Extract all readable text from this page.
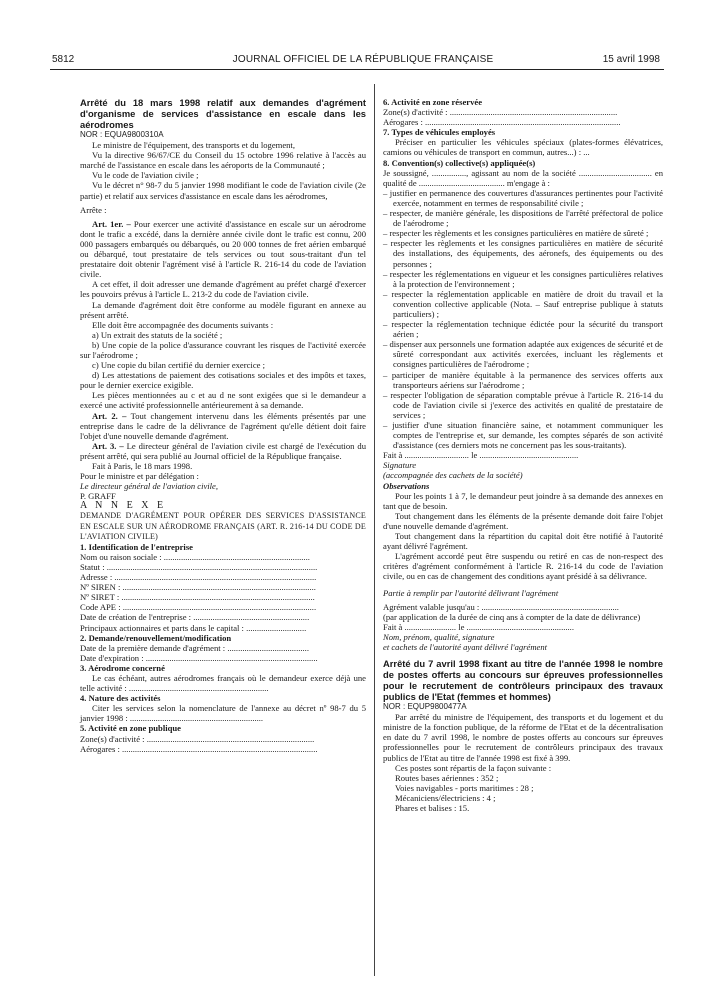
5812	JOURNAL OFFICIEL DE LA RÉPUBLIQUE FRANÇAISE	15 avril 1998

Arrêté du 18 mars 1998 relatif aux demandes d'agrément d'organisme de services d'assistance en escale dans les aérodromes

NOR : EQUA9800310A

Le ministre de l'équipement, des transports et du logement,

Vu la directive 96/67/CE du Conseil du 15 octobre 1996 relative à l'accès au marché de l'assistance en escale dans les aéroports de la Communauté ;

Vu le code de l'aviation civile ;

Vu le décret n° 98-7 du 5 janvier 1998 modifiant le code de l'aviation civile (2e partie) et relatif aux services d'assistance en escale dans les aérodromes,

Arrête :

Art. 1er. – Pour exercer une activité d'assistance en escale sur un aérodrome dont le trafic a excédé, dans la dernière année civile dont le trafic est connu, 200 000 passagers embarqués ou débarqués, ou 20 000 tonnes de fret aérien embarqué ou débarqué, tout prestataire de tels services ou tout sous-traitant d'un tel prestataire doit obtenir l'agrément visé à l'article R. 216-14 du code de l'aviation civile.

A cet effet, il doit adresser une demande d'agrément au préfet chargé d'exercer les pouvoirs prévus à l'article L. 213-2 du code de l'aviation civile.

La demande d'agrément doit être conforme au modèle figurant en annexe au présent arrêté.

Elle doit être accompagnée des documents suivants :

a) Un extrait des statuts de la société ;

b) Une copie de la police d'assurance couvrant les risques de l'activité exercée sur l'aérodrome ;

c) Une copie du bilan certifié du dernier exercice ;

d) Les attestations de paiement des cotisations sociales et des impôts et taxes, pour le dernier exercice exigible.

Les pièces mentionnées au c et au d ne sont exigées que si le demandeur a exercé une activité professionnelle antérieurement à sa demande.

Art. 2. – Tout changement intervenu dans les éléments présentés par une entreprise dans le cadre de la délivrance de l'agrément qu'elle détient doit faire l'objet d'une nouvelle demande d'agrément.

Art. 3. – Le directeur général de l'aviation civile est chargé de l'exécution du présent arrêté, qui sera publié au Journal officiel de la République française.

Fait à Paris, le 18 mars 1998.

Pour le ministre et par délégation :

Le directeur général de l'aviation civile,

P. GRAFF

A N N E X E

DEMANDE D'AGRÉMENT POUR OPÉRER DES SERVICES D'ASSISTANCE EN ESCALE SUR UN AÉRODROME FRANÇAIS (ART. R. 216-14 DU CODE DE L'AVIATION CIVILE)

1. Identification de l'entreprise

Nom ou raison sociale : ....................................................................

Statut : ..................................................................................................

Adresse : ..............................................................................................

Nº SIREN : ..........................................................................................

Nº SIRET : ..........................................................................................

Code APE : ..........................................................................................

Date de création de l'entreprise : ......................................................

Principaux actionnaires et parts dans le capital : ............................

2. Demande/renouvellement/modification

Date de la première demande d'agrément : ......................................

Date d'expiration : ................................................................................

3. Aérodrome concerné

Le cas échéant, autres aérodromes français où le demandeur exerce déjà une telle activité : .................................................................

4. Nature des activités

Citer les services selon la nomenclature de l'annexe au décret nº 98-7 du 5 janvier 1998 : ..............................................................

5. Activité en zone publique

Zone(s) d'activité : ..............................................................................

Aérogares : ...........................................................................................

6. Activité en zone réservée

Zone(s) d'activité : ..............................................................................

Aérogares : ...........................................................................................

7. Types de véhicules employés

Préciser en particulier les véhicules spéciaux (plates-formes élévatrices, camions ou véhicules de transport en commun, autres...) : ...

8. Convention(s) collective(s) appliquée(s)

Je soussigné, ................, agissant au nom de la société .................................. en qualité de ........................................ m'engage à :

– justifier en permanence des couvertures d'assurances pertinentes pour l'activité exercée, notamment en termes de responsabilité civile ;

– respecter, de manière générale, les dispositions de l'arrêté préfectoral de police de l'aérodrome ;

– respecter les règlements et les consignes particulières en matière de sûreté ;

– respecter les règlements et les consignes particulières en matière de sécurité des installations, des équipements, des aéronefs, des équipements ou des personnes ;

– respecter les réglementations en vigueur et les consignes particulières relatives à la protection de l'environnement ;

– respecter la réglementation applicable en matière de droit du travail et la convention collective applicable (Nota. – Sauf entreprise publique à statuts particuliers) ;

– respecter la réglementation technique édictée pour la sécurité du transport aérien ;

– dispenser aux personnels une formation adaptée aux exigences de sécurité et de sûreté correspondant aux activités exercées, incluant les règlements et consignes particulières de l'aérodrome ;

– participer de manière équitable à la permanence des services offerts aux transporteurs aériens sur l'aérodrome ;

– respecter l'obligation de séparation comptable prévue à l'article R. 216-14 du code de l'aviation civile si j'exerce des activités en qualité de prestataire de services ;

– justifier d'une situation financière saine, et notamment communiquer les comptes de l'entreprise et, sur demande, les comptes séparés de son activité d'assistance (ces derniers mots ne concernent pas les sous-traitants).

Fait à .............................. le ..............................................

Signature

(accompagnée des cachets de la société)

Observations

Pour les points 1 à 7, le demandeur peut joindre à sa demande des annexes en tant que de besoin.

Tout changement dans les éléments de la présente demande doit faire l'objet d'une nouvelle demande d'agrément.

Tout changement dans la répartition du capital doit être notifié à l'autorité ayant délivré l'agrément.

L'agrément accordé peut être suspendu ou retiré en cas de non-respect des critères d'agrément conformément à l'article R. 216-14 du code de l'aviation civile, ou en cas de changement des conditions ayant présidé à sa délivrance.

Partie à remplir par l'autorité délivrant l'agrément

Agrément valable jusqu'au : ................................................................

(par application de la durée de cinq ans à compter de la date de délivrance)

Fait à ........................ le ..................................................

Nom, prénom, qualité, signature

et cachets de l'autorité ayant délivré l'agrément

Arrêté du 7 avril 1998 fixant au titre de l'année 1998 le nombre de postes offerts au concours sur épreuves professionnelles pour le recrutement de contrôleurs principaux des travaux publics de l'Etat (femmes et hommes)

NOR : EQUP9800477A

Par arrêté du ministre de l'équipement, des transports et du logement et du ministre de la fonction publique, de la réforme de l'Etat et de la décentralisation en date du 7 avril 1998, le nombre de postes offerts au concours sur épreuves professionnelles pour le recrutement de contrôleurs principaux des travaux publics de l'Etat au titre de l'année 1998 est fixé à 399.

Ces postes sont répartis de la façon suivante :

Routes bases aériennes : 352 ;

Voies navigables - ports maritimes : 28 ;

Mécaniciens/électriciens : 4 ;

Phares et balises : 15.
